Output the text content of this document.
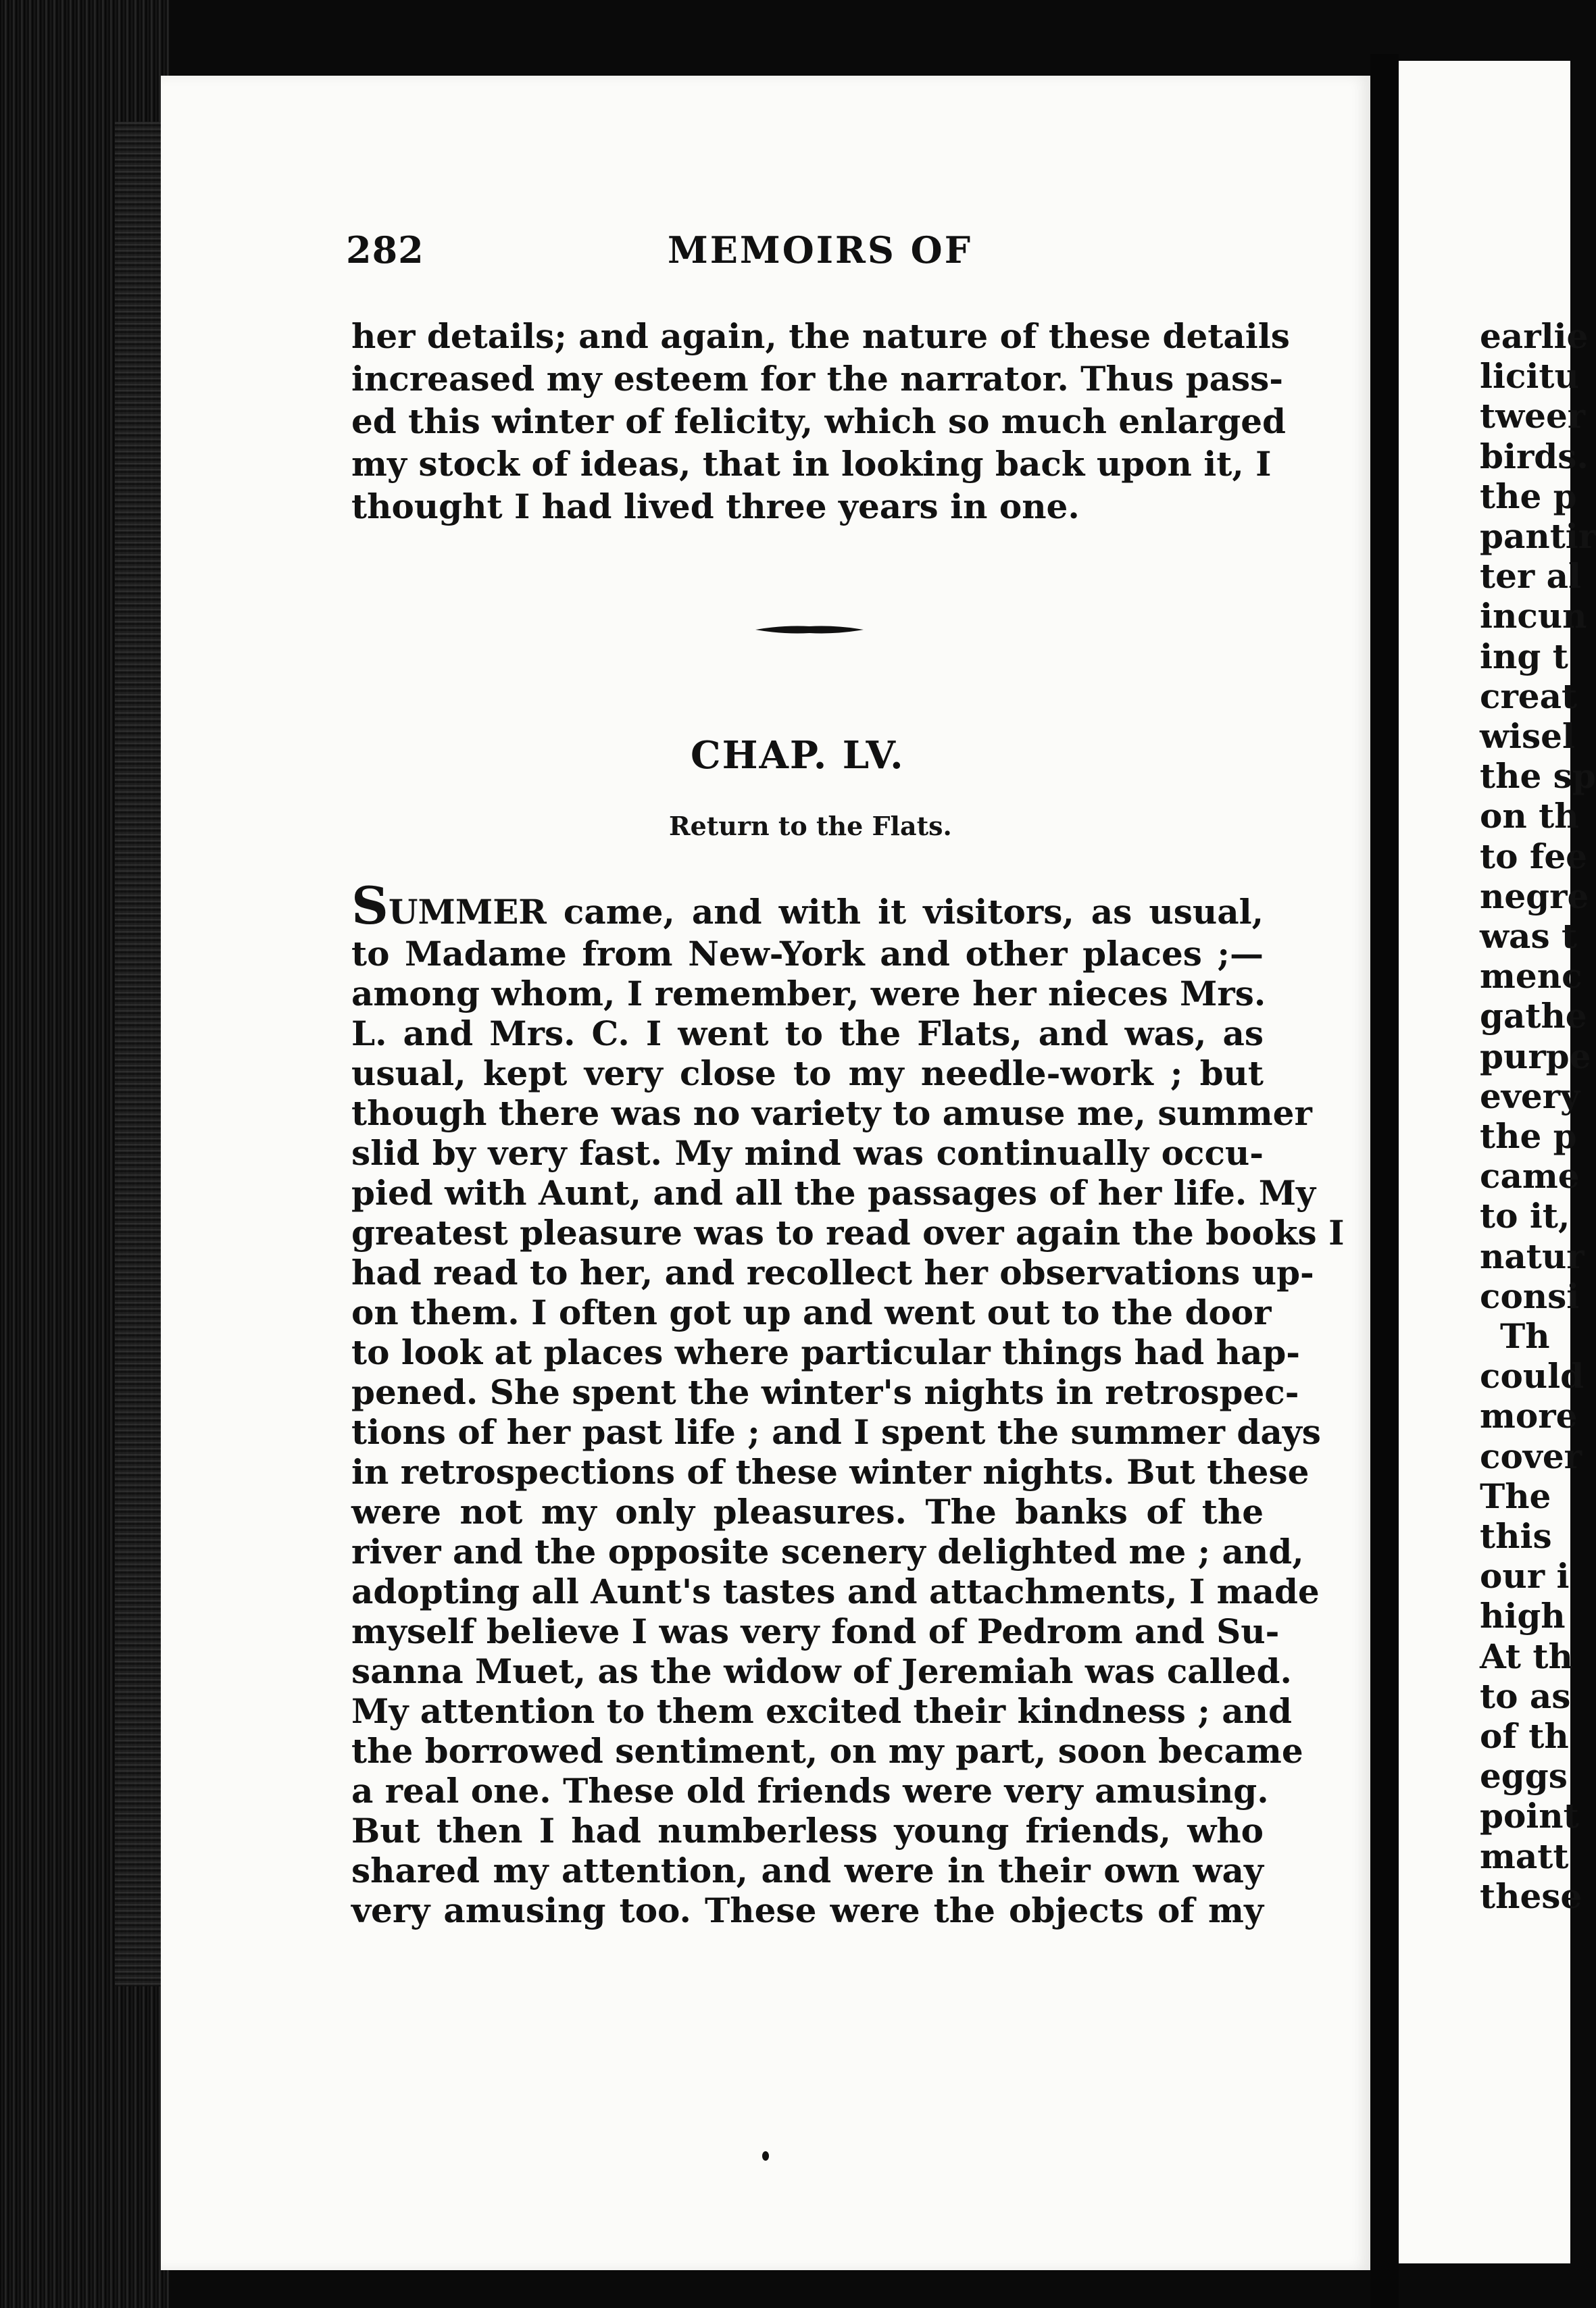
earlie
licitu
tweer
birds.
the p
pantir
ter al
incun
ing t
creat
wisel
the sp
on th
to fee
negre
was t
menc
gathe
purpe
every
the p
came
to it,
natur
consi
Th
could
more
cover
The
this
our i
high
At th
to as
of th
eggs
point
matt
these
282	MEMOIRS OF
her details; and again, the nature of these details
increased my esteem for the narrator. Thus pass-
ed this winter of felicity, which so much enlarged
my stock of ideas, that in looking back upon it, I
thought I had lived three years in one.
CHAP. LV.
Return to the Flats.
SUMMER came, and with it visitors, as usual,
to Madame from New-York and other places ;—
among whom, I remember, were her nieces Mrs.
L. and Mrs. C. I went to the Flats, and was, as
usual, kept very close to my needle-work ; but
though there was no variety to amuse me, summer
slid by very fast. My mind was continually occu-
pied with Aunt, and all the passages of her life. My
greatest pleasure was to read over again the books I
had read to her, and recollect her observations up-
on them. I often got up and went out to the door
to look at places where particular things had hap-
pened. She spent the winter's nights in retrospec-
tions of her past life ; and I spent the summer days
in retrospections of these winter nights. But these
were not my only pleasures. The banks of the
river and the opposite scenery delighted me ; and,
adopting all Aunt's tastes and attachments, I made
myself believe I was very fond of Pedrom and Su-
sanna Muet, as the widow of Jeremiah was called.
My attention to them excited their kindness ; and
the borrowed sentiment, on my part, soon became
a real one. These old friends were very amusing.
But then I had numberless young friends, who
shared my attention, and were in their own way
very amusing too. These were the objects of my
